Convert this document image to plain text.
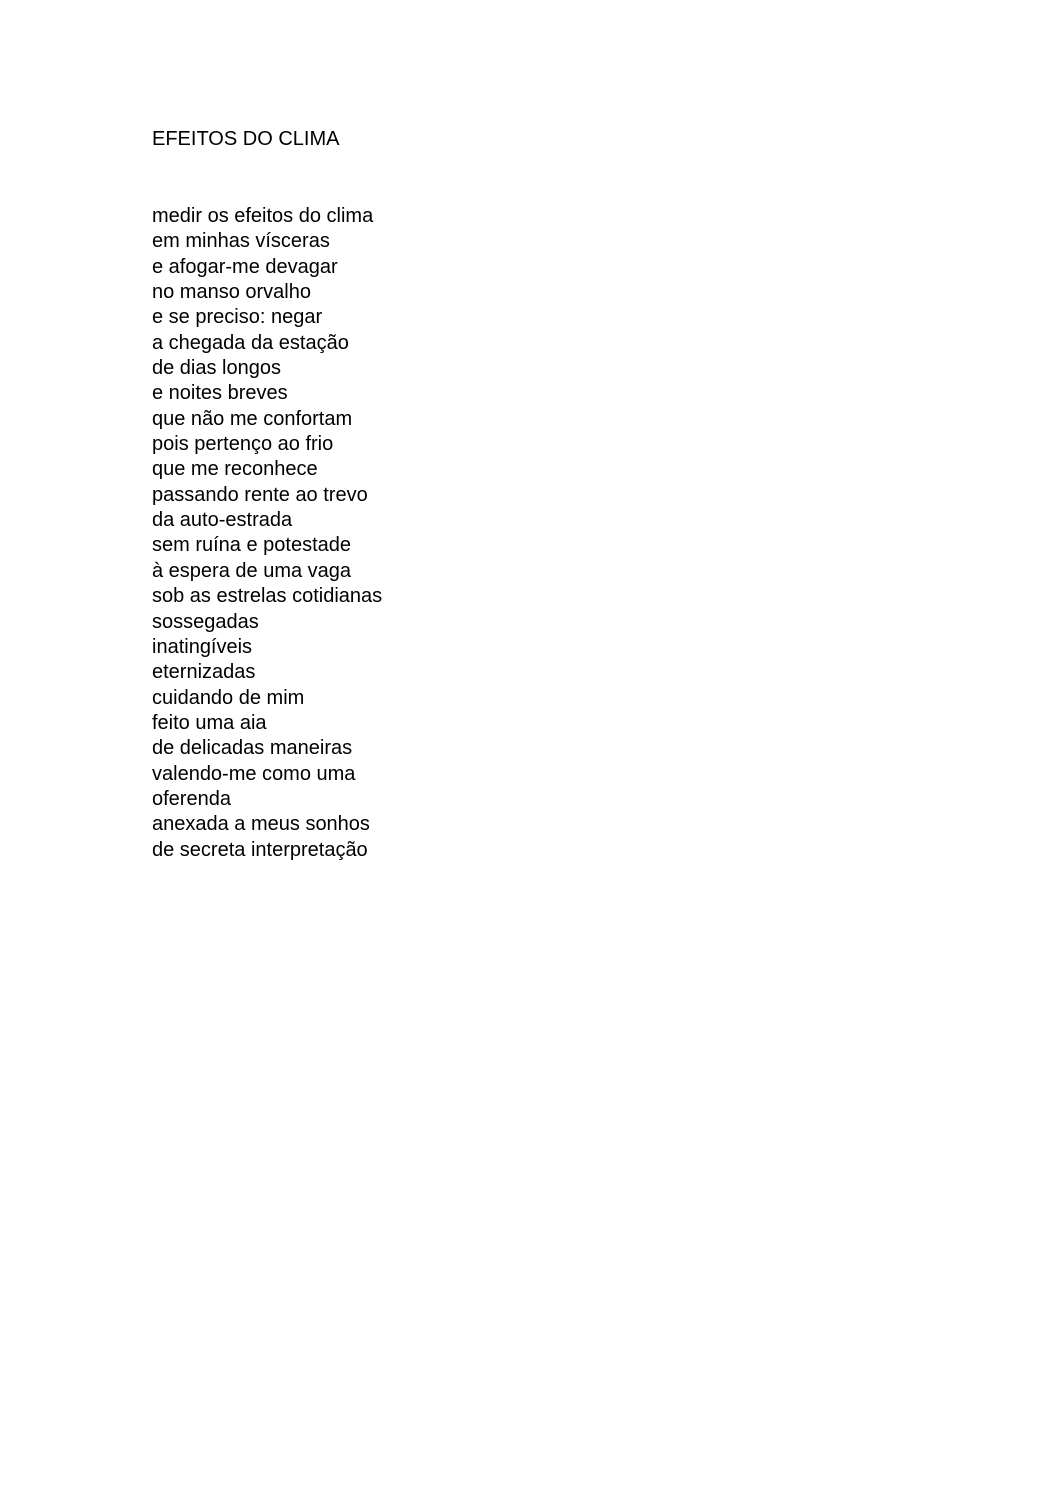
EFEITOS DO CLIMA
medir os efeitos do clima
em minhas vísceras
e afogar-me devagar
no manso orvalho
e se preciso: negar
a chegada da estação
de dias longos
e noites breves
que não me confortam
pois pertenço ao frio
que me reconhece
passando rente ao trevo
da auto-estrada
sem ruína e potestade
à espera de uma vaga
sob as estrelas cotidianas
sossegadas
inatingíveis
eternizadas
cuidando de mim
feito uma aia
de delicadas maneiras
valendo-me como uma
oferenda
anexada a meus sonhos
de secreta interpretação
